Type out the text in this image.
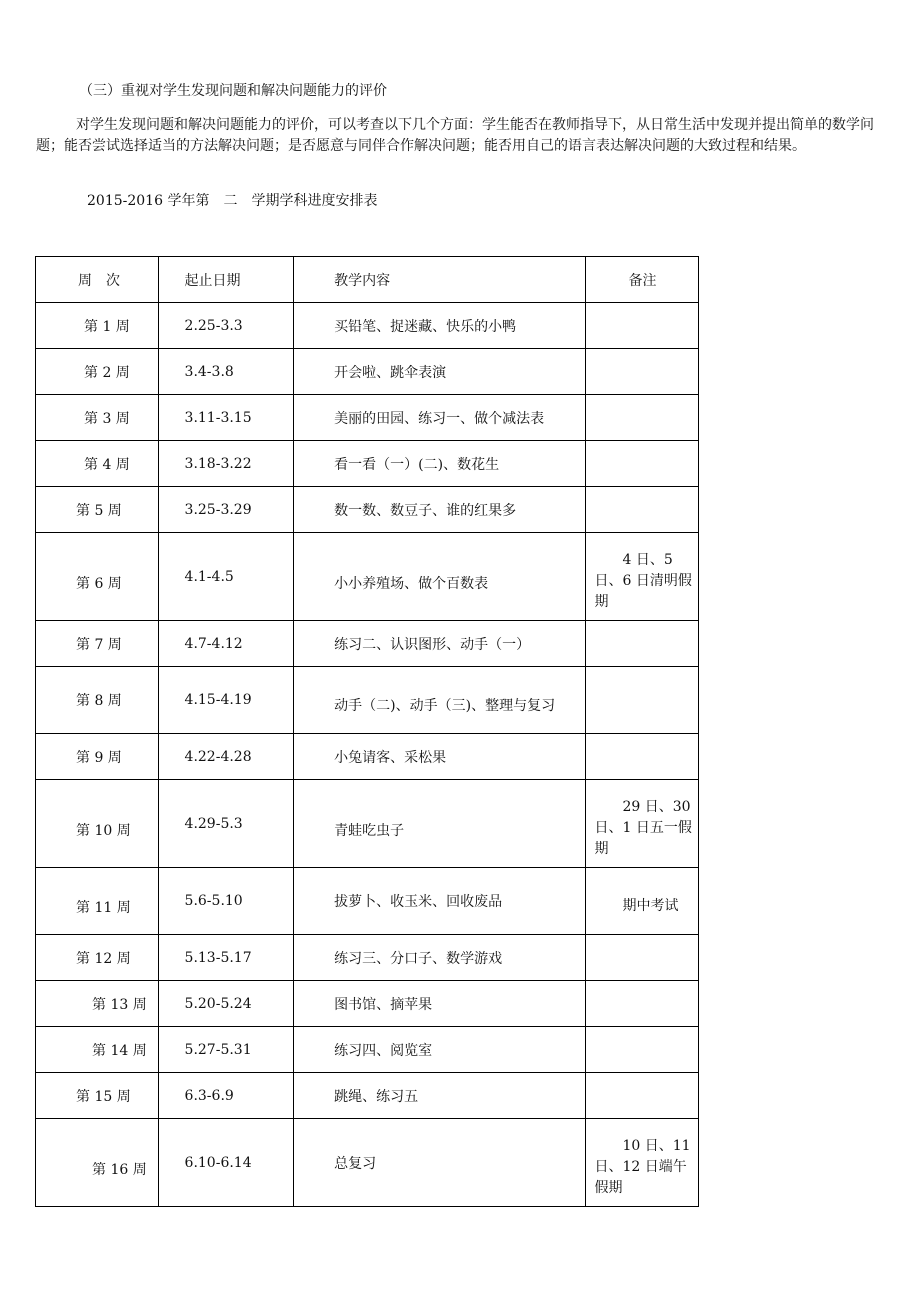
（三）重视对学生发现问题和解决问题能力的评价
对学生发现问题和解决问题能力的评价，可以考查以下几个方面：学生能否在教师指导下，从日常生活中发现并提出简单的数学问题；能否尝试选择适当的方法解决问题；是否愿意与同伴合作解决问题；能否用自己的语言表达解决问题的大致过程和结果。
2015-2016 学年第　二　学期学科进度安排表
周　次	起止日期	教学内容	备注

第 1 周	2.25-3.3	买铅笔、捉迷藏、快乐的小鸭	

第 2 周	3.4-3.8	开会啦、跳伞表演	

第 3 周	3.11-3.15	美丽的田园、练习一、做个减法表	

第 4 周	3.18-3.22	看一看（一）(二)、数花生	

第 5 周	3.25-3.29	数一数、数豆子、谁的红果多	

第 6 周	4.1-4.5	小小养殖场、做个百数表	4 日、5 日、6 日清明假期

第 7 周	4.7-4.12	练习二、认识图形、动手（一）	

第 8 周	4.15-4.19	动手（二)、动手（三)、整理与复习	

第 9 周	4.22-4.28	小兔请客、采松果	

第 10 周	4.29-5.3	青蛙吃虫子	29 日、30 日、1 日五一假期

第 11 周	5.6-5.10	拔萝卜、收玉米、回收废品	期中考试

第 12 周	5.13-5.17	练习三、分口子、数学游戏	

第 13 周	5.20-5.24	图书馆、摘苹果	

第 14 周	5.27-5.31	练习四、阅览室	

第 15 周	6.3-6.9	跳绳、练习五	

第 16 周	6.10-6.14	总复习	10 日、11 日、12 日端午假期
